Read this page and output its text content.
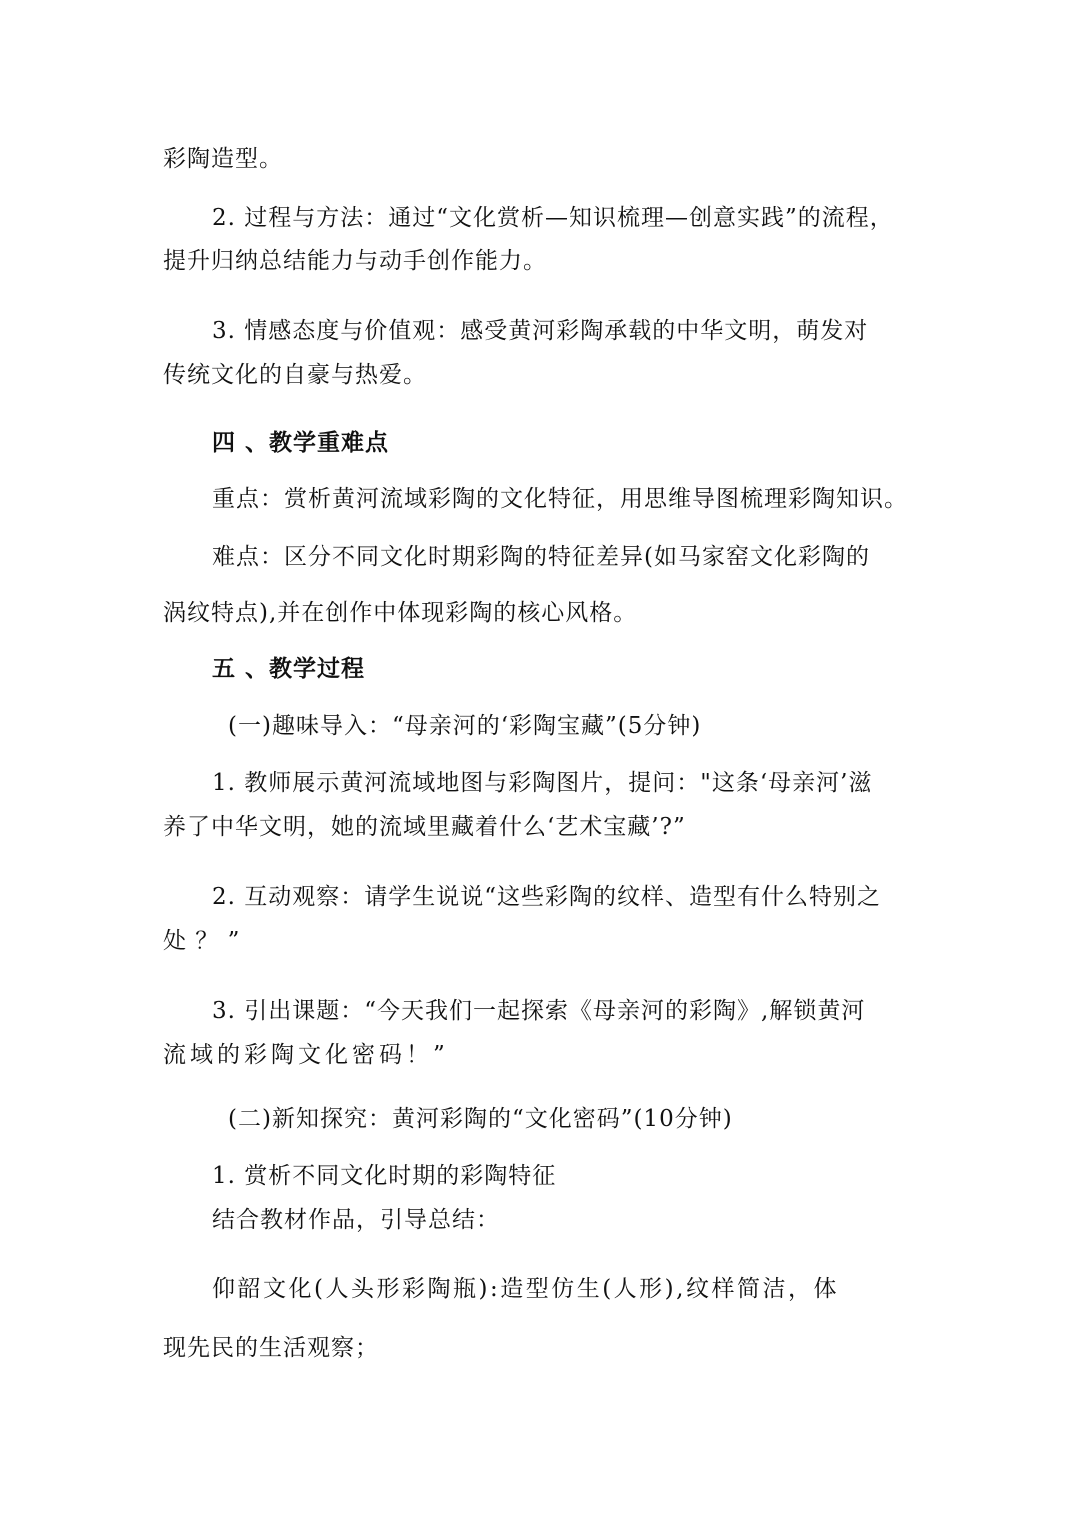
彩陶造型。
2. 过程与方法：通过“文化赏析—知识梳理—创意实践”的流程，
提升归纳总结能力与动手创作能力。
3. 情感态度与价值观：感受黄河彩陶承载的中华文明，萌发对
传统文化的自豪与热爱。
四 、教学重难点
重点：赏析黄河流域彩陶的文化特征，用思维导图梳理彩陶知识。
难点：区分不同文化时期彩陶的特征差异(如马家窑文化彩陶的
涡纹特点),并在创作中体现彩陶的核心风格。
五 、教学过程
(一)趣味导入：“母亲河的‘彩陶宝藏”(5分钟)
1. 教师展示黄河流域地图与彩陶图片，提问："这条‘母亲河’滋
养了中华文明，她的流域里藏着什么‘艺术宝藏’?”
2. 互动观察：请学生说说“这些彩陶的纹样、造型有什么特别之
处 ？ ”
3. 引出课题：“今天我们一起探索《母亲河的彩陶》,解锁黄河
流域的彩陶文化密码！”
(二)新知探究：黄河彩陶的“文化密码”(10分钟)
1. 赏析不同文化时期的彩陶特征
结合教材作品，引导总结：
仰韶文化(人头形彩陶瓶):造型仿生(人形),纹样简洁，体
现先民的生活观察；
